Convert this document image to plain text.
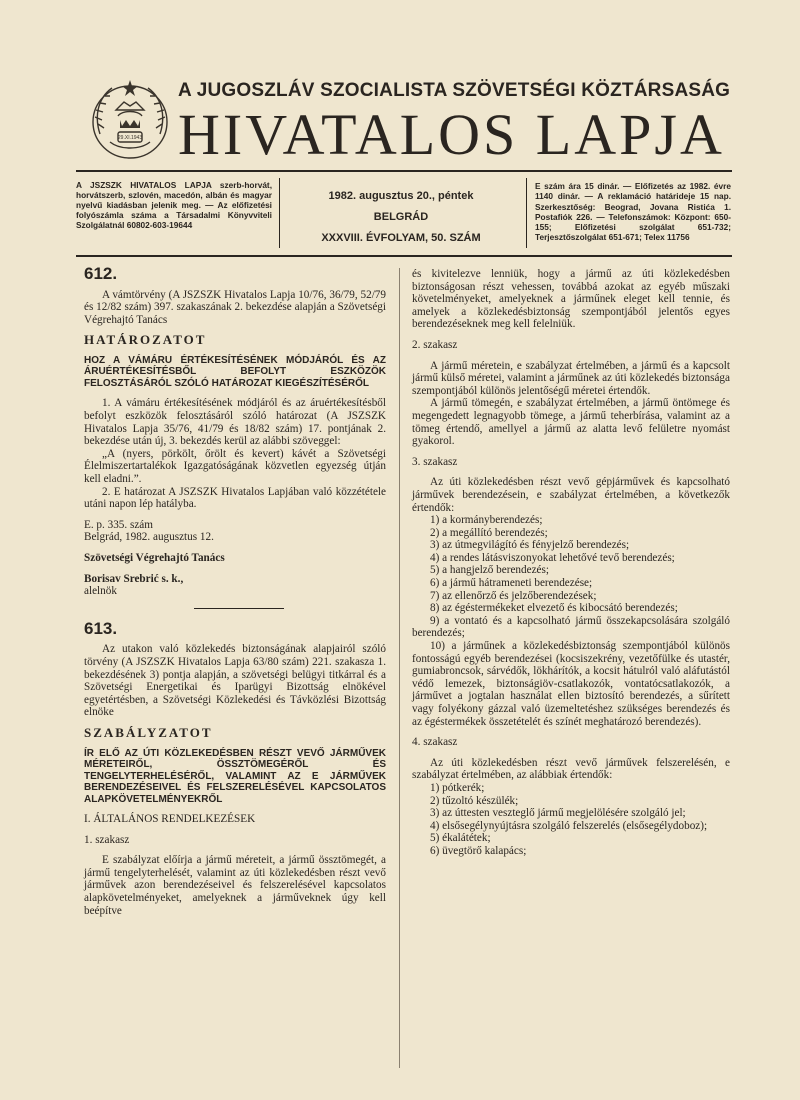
29.XI.1943
A JUGOSZLÁV SZOCIALISTA SZÖVETSÉGI KÖZTÁRSASÁG
HIVATALOS LAPJA
A JSZSZK HIVATALOS LAPJA szerb-horvát, horvátszerb, szlovén, macedón, albán és magyar nyelvű kiadásban jelenik meg. — Az előfizetési folyószámla száma a Társadalmi Könyvviteli Szolgálatnál 60802-603-19644
1982. augusztus 20., péntek
BELGRÁD
XXXVIII. ÉVFOLYAM, 50. SZÁM
E szám ára 15 dinár. — Előfizetés az 1982. évre 1140 dinár. — A reklamáció határideje 15 nap. Szerkesztőség: Beograd, Jovana Ristića 1. Postafiók 226. — Telefonszámok: Központ: 650-155; Előfizetési szolgálat 651-732; Terjesztőszolgálat 651-671; Telex 11756

612.

A vámtörvény (A JSZSZK Hivatalos Lapja 10/76, 36/79, 52/79 és 12/82 szám) 397. szakaszának 2. bekezdése alapján a Szövetségi Végrehajtó Tanács

HATÁROZATOT

HOZ A VÁMÁRU ÉRTÉKESÍTÉSÉNEK MÓDJÁRÓL ÉS AZ ÁRUÉRTÉKESÍTÉSBŐL BEFOLYT ESZKÖZÖK FELOSZTÁSÁRÓL SZÓLÓ HATÁROZAT KIEGÉSZÍTÉSÉRŐL

1. A vámáru értékesítésének módjáról és az áruértékesítésből befolyt eszközök felosztásáról szóló határozat (A JSZSZK Hivatalos Lapja 35/76, 41/79 és 18/82 szám) 17. pontjának 2. bekezdése után új, 3. bekezdés kerül az alábbi szöveggel:

„A (nyers, pörkölt, őrölt és kevert) kávét a Szövetségi Élelmiszertartalékok Igazgatóságának közvetlen egyezség útján kell eladni.”.

2. E határozat A JSZSZK Hivatalos Lapjában való közzététele utáni napon lép hatályba.

E. p. 335. szám

Belgrád, 1982. augusztus 12.

Szövetségi Végrehajtó Tanács

Borisav Srebrić s. k.,

alelnök

613.

Az utakon való közlekedés biztonságának alapjairól szóló törvény (A JSZSZK Hivatalos Lapja 63/80 szám) 221. szakasza 1. bekezdésének 3) pontja alapján, a szövetségi belügyi titkárral és a Szövetségi Energetikai és Iparügyi Bizottság elnökével egyetértésben, a Szövetségi Közlekedési és Távközlési Bizottság elnöke

SZABÁLYZATOT

ÍR ELŐ AZ ÚTI KÖZLEKEDÉSBEN RÉSZT VEVŐ JÁRMŰVEK MÉRETEIRŐL, ÖSSZTÖMEGÉRŐL ÉS TENGELYTERHELÉSÉRŐL, VALAMINT AZ E JÁRMŰVEK BERENDEZÉSEIVEL ÉS FELSZERELÉSÉVEL KAPCSOLATOS ALAPKÖVETELMÉNYEKRŐL

I. ÁLTALÁNOS RENDELKEZÉSEK

1. szakasz

E szabályzat előírja a jármű méreteit, a jármű össztömegét, a jármű tengelyterhelését, valamint az úti közlekedésben részt vevő járművek azon berendezéseivel és felszerelésével kapcsolatos alapkövetelményeket, amelyeknek a járműveknek úgy kell beépítve

és kivitelezve lenniük, hogy a jármű az úti közlekedésben biztonságosan részt vehessen, továbbá azokat az egyéb műszaki követelményeket, amelyeknek a járműnek eleget kell tennie, és amelyek a közlekedésbiztonság szempontjából jelentős egyes berendezéseknek meg kell felelniük.

2. szakasz

A jármű méretein, e szabályzat értelmében, a jármű és a kapcsolt jármű külső méretei, valamint a járműnek az úti közlekedés biztonsága szempontjából különös jelentőségű méretei értendők.

A jármű tömegén, e szabályzat értelmében, a jármű öntömege és megengedett legnagyobb tömege, a jármű teherbírása, valamint az a tömeg értendő, amellyel a jármű az alatta levő felületre nyomást gyakorol.

3. szakasz

Az úti közlekedésben részt vevő gépjárművek és kapcsolható járművek berendezésein, e szabályzat értelmében, a következők értendők:

1) a kormányberendezés;

2) a megállító berendezés;

3) az útmegvilágító és fényjelző berendezés;

4) a rendes látásviszonyokat lehetővé tevő berendezés;

5) a hangjelző berendezés;

6) a jármű hátrameneti berendezése;

7) az ellenőrző és jelzőberendezések;

8) az égéstermékeket elvezető és kibocsátó berendezés;

9) a vontató és a kapcsolható jármű összekapcsolására szolgáló berendezés;

10) a járműnek a közlekedésbiztonság szempontjából különös fontosságú egyéb berendezései (kocsiszekrény, vezetőfülke és utastér, gumiabroncsok, sárvédők, lökhárítók, a kocsit hátulról való aláfutástól védő lemezek, biztonságiöv-csatlakozók, vontatócsatlakozók, a járművet a jogtalan használat ellen biztosító berendezés, a sűrített vagy folyékony gázzal való üzemeltetéshez szükséges berendezés és az égéstermékek összetételét és színét meghatározó berendezés).

4. szakasz

Az úti közlekedésben részt vevő járművek felszerelésén, e szabályzat értelmében, az alábbiak értendők:

1) pótkerék;

2) tűzoltó készülék;

3) az úttesten veszteglő jármű megjelölésére szolgáló jel;

4) elsősegélynyújtásra szolgáló felszerelés (elsősegélydoboz);

5) ékalátétek;

6) üvegtörő kalapács;
